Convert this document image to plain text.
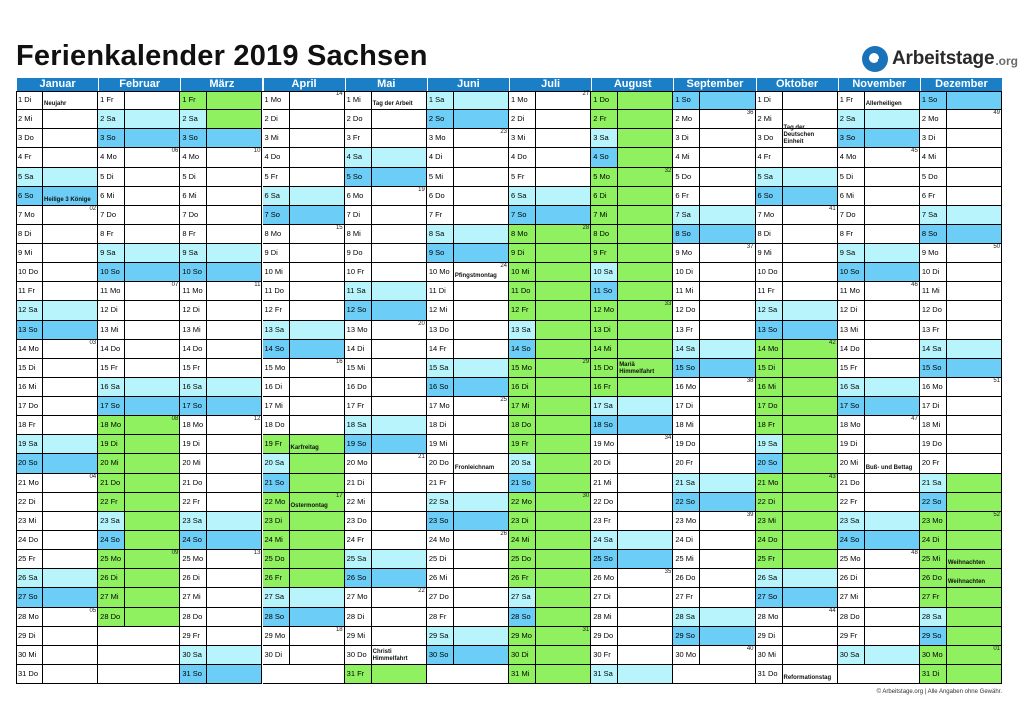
Ferienkalender 2019 Sachsen	Arbeitstage .org
Januar
1 Di
Neujahr
2 Mi
3 Do
4 Fr
5 Sa
6 So
Heilige 3 Könige
7 Mo
02
8 Di
9 Mi
10 Do
11 Fr
12 Sa
13 So
14 Mo
03
15 Di
16 Mi
17 Do
18 Fr
19 Sa
20 So
21 Mo
04
22 Di
23 Mi
24 Do
25 Fr
26 Sa
27 So
28 Mo
05
29 Di
30 Mi
31 Do
Februar
1 Fr
2 Sa
3 So
4 Mo
06
5 Di
6 Mi
7 Do
8 Fr
9 Sa
10 So
11 Mo
07
12 Di
13 Mi
14 Do
15 Fr
16 Sa
17 So
18 Mo
08
19 Di
20 Mi
21 Do
22 Fr
23 Sa
24 So
25 Mo
09
26 Di
27 Mi
28 Do
März
1 Fr
2 Sa
3 So
4 Mo
10
5 Di
6 Mi
7 Do
8 Fr
9 Sa
10 So
11 Mo
11
12 Di
13 Mi
14 Do
15 Fr
16 Sa
17 So
18 Mo
12
19 Di
20 Mi
21 Do
22 Fr
23 Sa
24 So
25 Mo
13
26 Di
27 Mi
28 Do
29 Fr
30 Sa
31 So
April
1 Mo
14
2 Di
3 Mi
4 Do
5 Fr
6 Sa
7 So
8 Mo
15
9 Di
10 Mi
11 Do
12 Fr
13 Sa
14 So
15 Mo
16
16 Di
17 Mi
18 Do
19 Fr
Karfreitag
20 Sa
21 So
22 Mo
17
Ostermontag
23 Di
24 Mi
25 Do
26 Fr
27 Sa
28 So
29 Mo
18
30 Di
Mai
1 Mi
Tag der Arbeit
2 Do
3 Fr
4 Sa
5 So
6 Mo
19
7 Di
8 Mi
9 Do
10 Fr
11 Sa
12 So
13 Mo
20
14 Di
15 Mi
16 Do
17 Fr
18 Sa
19 So
20 Mo
21
21 Di
22 Mi
23 Do
24 Fr
25 Sa
26 So
27 Mo
22
28 Di
29 Mi
30 Do Christi Himmelfahrt
31 Fr
Juni
1 Sa
2 So
3 Mo
23
4 Di
5 Mi
6 Do
7 Fr
8 Sa
9 So
10 Mo
24
Pfingstmontag
11 Di
12 Mi
13 Do
14 Fr
15 Sa
16 So
17 Mo
25
18 Di
19 Mi
20 Do
Fronleichnam
21 Fr
22 Sa
23 So
24 Mo
26
25 Di
26 Mi
27 Do
28 Fr
29 Sa
30 So
Juli
1 Mo
27
2 Di
3 Mi
4 Do
5 Fr
6 Sa
7 So
8 Mo
28
9 Di
10 Mi
11 Do
12 Fr
13 Sa
14 So
15 Mo
29
16 Di
17 Mi
18 Do
19 Fr
20 Sa
21 So
22 Mo
30
23 Di
24 Mi
25 Do
26 Fr
27 Sa
28 So
29 Mo
31
30 Di
31 Mi
August
1 Do
2 Fr
3 Sa
4 So
5 Mo
32
6 Di
7 Mi
8 Do
9 Fr
10 Sa
11 So
12 Mo
33
13 Di
14 Mi
15 Do Mariä Himmelfahrt
16 Fr
17 Sa
18 So
19 Mo
34
20 Di
21 Mi
22 Do
23 Fr
24 Sa
25 So
26 Mo
35
27 Di
28 Mi
29 Do
30 Fr
31 Sa
September
1 So
2 Mo
36
3 Di
4 Mi
5 Do
6 Fr
7 Sa
8 So
9 Mo
37
10 Di
11 Mi
12 Do
13 Fr
14 Sa
15 So
16 Mo
38
17 Di
18 Mi
19 Do
20 Fr
21 Sa
22 So
23 Mo
39
24 Di
25 Mi
26 Do
27 Fr
28 Sa
29 So
30 Mo
40
Oktober
1 Di
2 Mi
3 Do
Tag der Deutschen Einheit
4 Fr
5 Sa
6 So
7 Mo
41
8 Di
9 Mi
10 Do
11 Fr
12 Sa
13 So
14 Mo
42
15 Di
16 Mi
17 Do
18 Fr
19 Sa
20 So
21 Mo
43
22 Di
23 Mi
24 Do
25 Fr
26 Sa
27 So
28 Mo
44
29 Di
30 Mi
31 Do
Reformationstag
November
1 Fr
Allerheiligen
2 Sa
3 So
4 Mo
45
5 Di
6 Mi
7 Do
8 Fr
9 Sa
10 So
11 Mo
46
12 Di
13 Mi
14 Do
15 Fr
16 Sa
17 So
18 Mo
47
19 Di
20 Mi
Buß- und Bettag
21 Do
22 Fr
23 Sa
24 So
25 Mo
48
26 Di
27 Mi
28 Do
29 Fr
30 Sa
Dezember
1 So
2 Mo
49
3 Di
4 Mi
5 Do
6 Fr
7 Sa
8 So
9 Mo
50
10 Di
11 Mi
12 Do
13 Fr
14 Sa
15 So
16 Mo
51
17 Di
18 Mi
19 Do
20 Fr
21 Sa
22 So
23 Mo
52
24 Di
25 Mi
Weihnachten
26 Do
Weihnachten
27 Fr
28 Sa
29 So
30 Mo
01
31 Di
© Arbeitstage.org | Alle Angaben ohne Gewähr.
